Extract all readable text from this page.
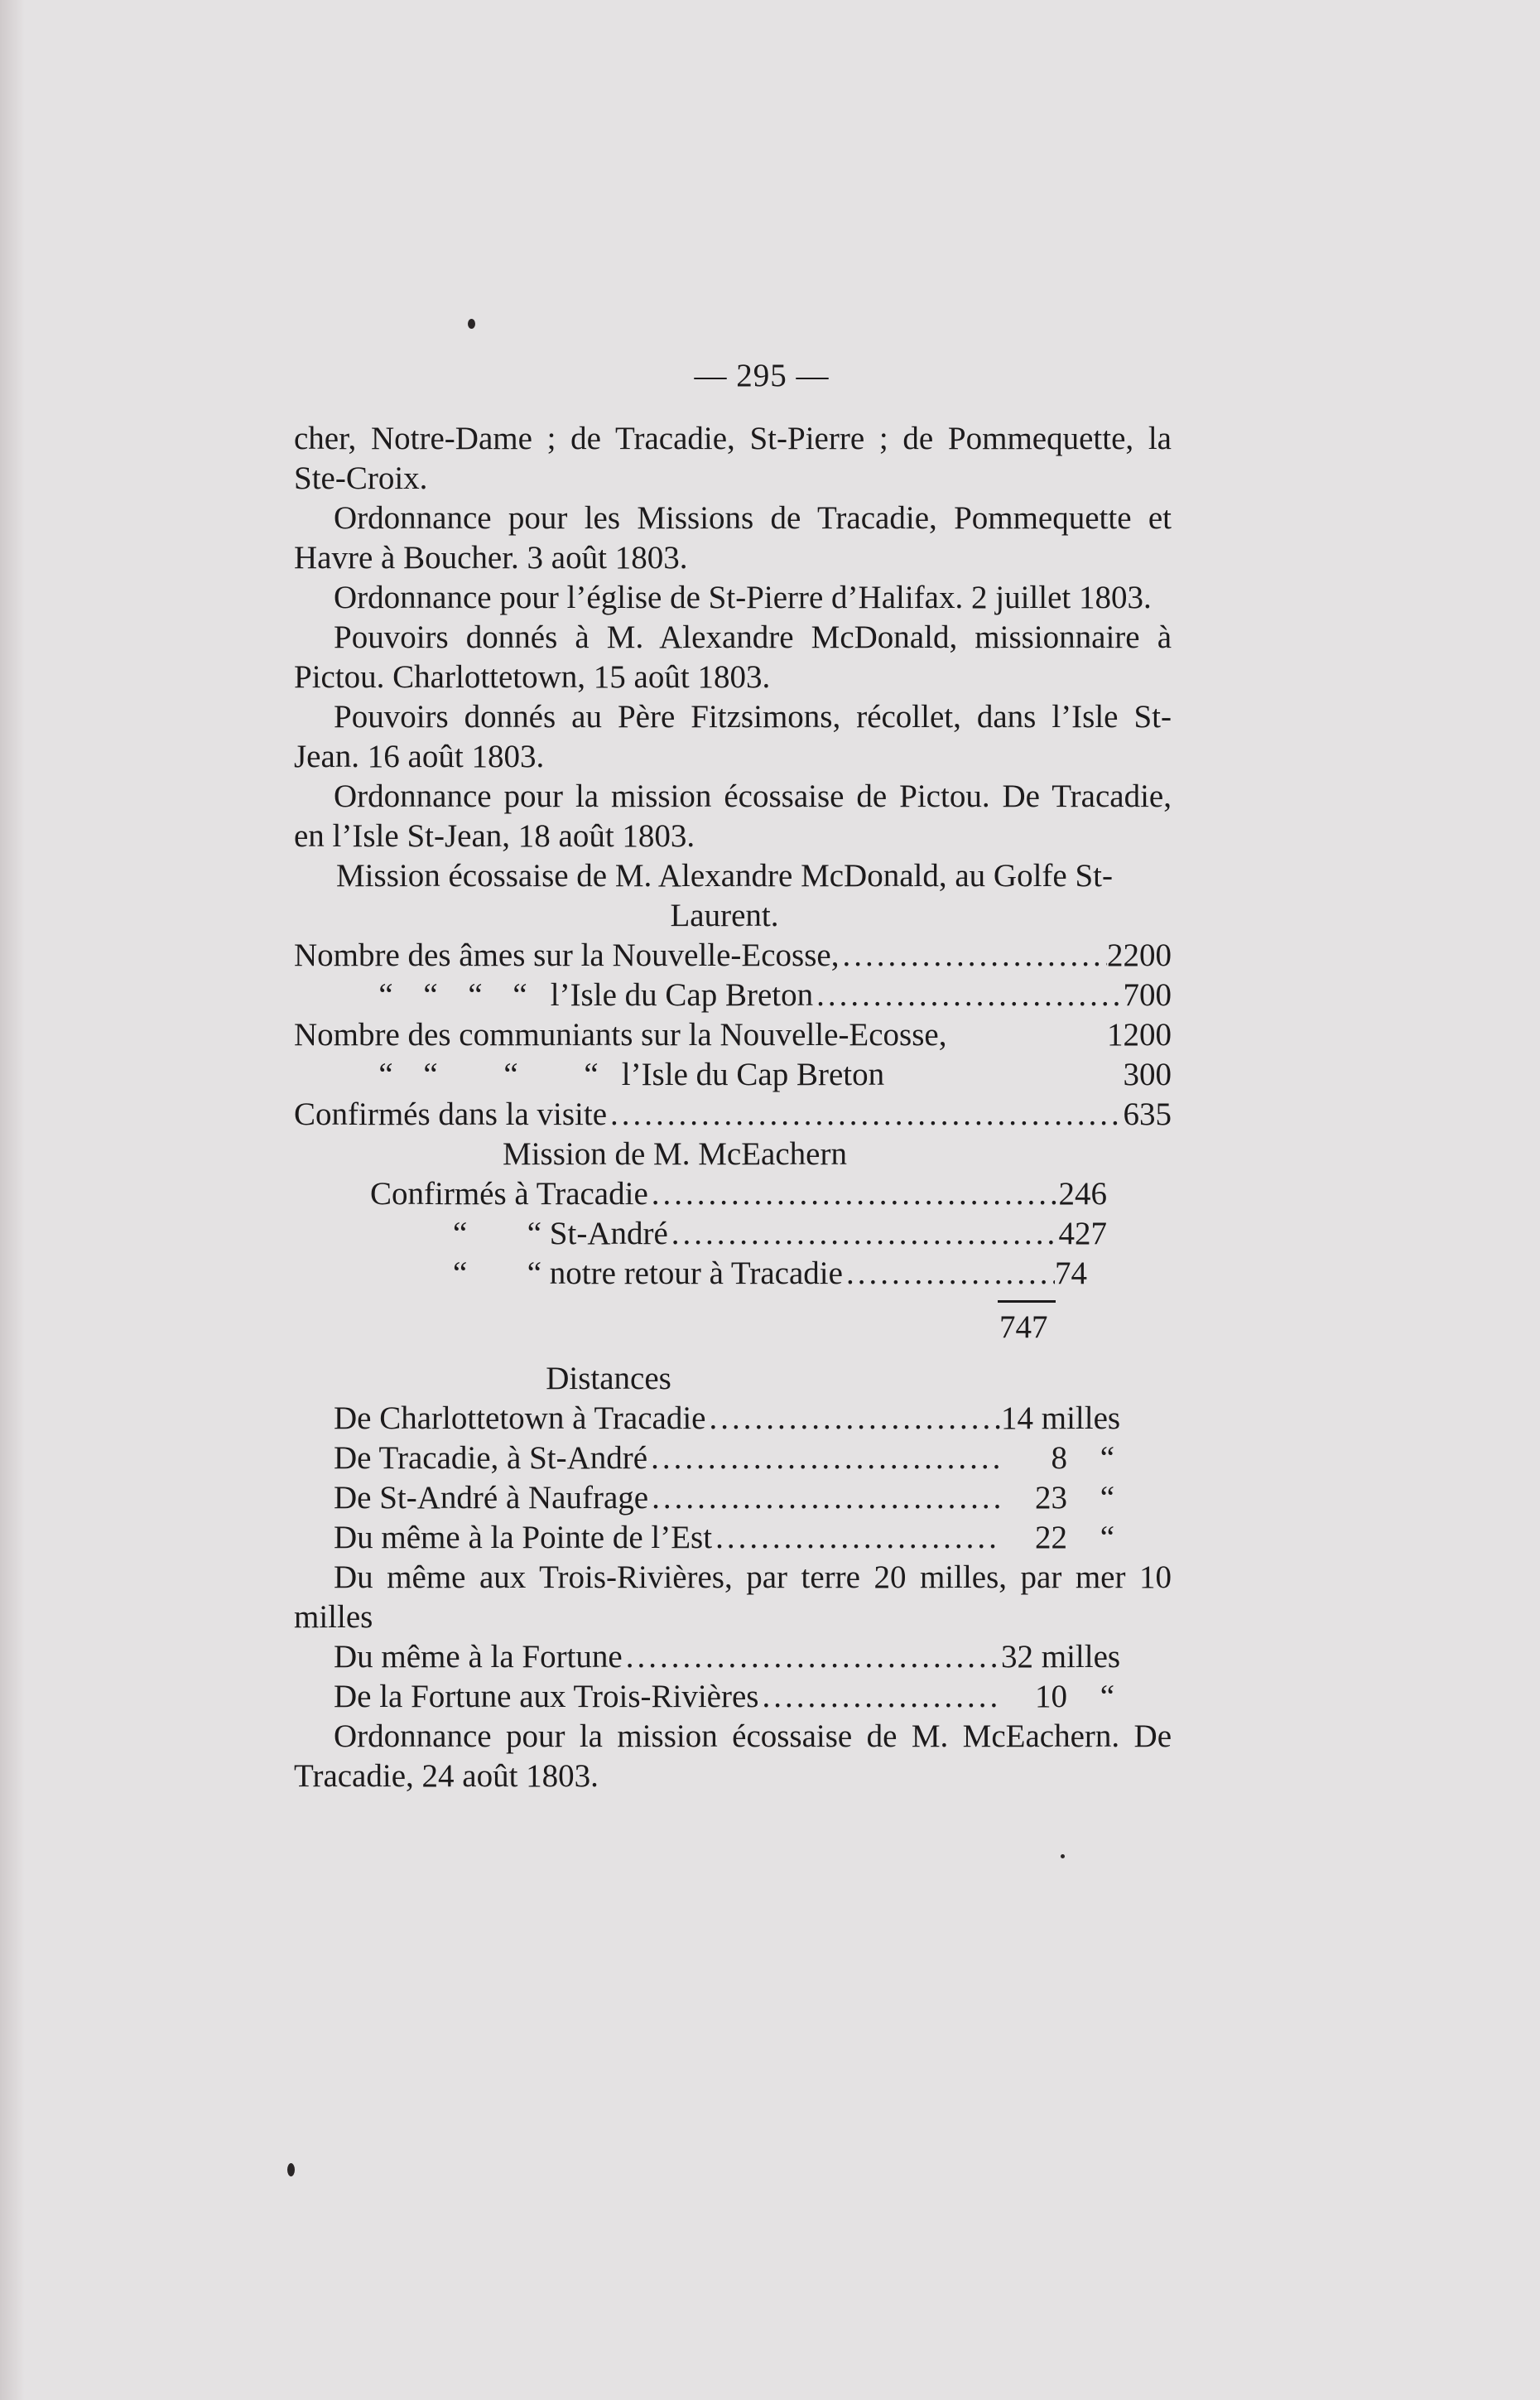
— 295 —

cher, Notre-Dame ; de Tracadie, St-Pierre ; de Pommequette, la Ste-Croix.

Ordonnance pour les Missions de Tracadie, Pommequette et Havre à Boucher. 3 août 1803.

Ordonnance pour l’église de St-Pierre d’Halifax. 2 juillet 1803.

Pouvoirs donnés à M. Alexandre McDonald, missionnaire à Pictou. Charlottetown, 15 août 1803.

Pouvoirs donnés au Père Fitzsimons, récollet, dans l’Isle St-Jean. 16 août 1803.

Ordonnance pour la mission écossaise de Pictou. De Tracadie, en l’Isle St-Jean, 18 août 1803.

Mission écossaise de M. Alexandre McDonald, au Golfe St-Laurent.

Nombre des âmes sur la Nouvelle-Ecosse, .....	2200
“ “ “ “ l’Isle du Cap Breton .....	700
Nombre des communiants sur la Nouvelle-Ecosse,	1200
“ “ “ “ l’Isle du Cap Breton	300
Confirmés dans la visite .....	635

Mission de M. McEachern

Confirmés à Tracadie .....	246
“ “ St-André .....	427
“ “ notre retour à Tracadie .....	74
747

Distances

De Charlottetown à Tracadie .....	14 milles
De Tracadie, à St-André .....	8 “
De St-André à Naufrage .....	23 “
Du même à la Pointe de l’Est .....	22 “

Du même aux Trois-Rivières, par terre 20 milles, par mer 10 milles

Du même à la Fortune .....	32 milles
De la Fortune aux Trois-Rivières .....	10 “

Ordonnance pour la mission écossaise de M. McEachern. De Tracadie, 24 août 1803.
